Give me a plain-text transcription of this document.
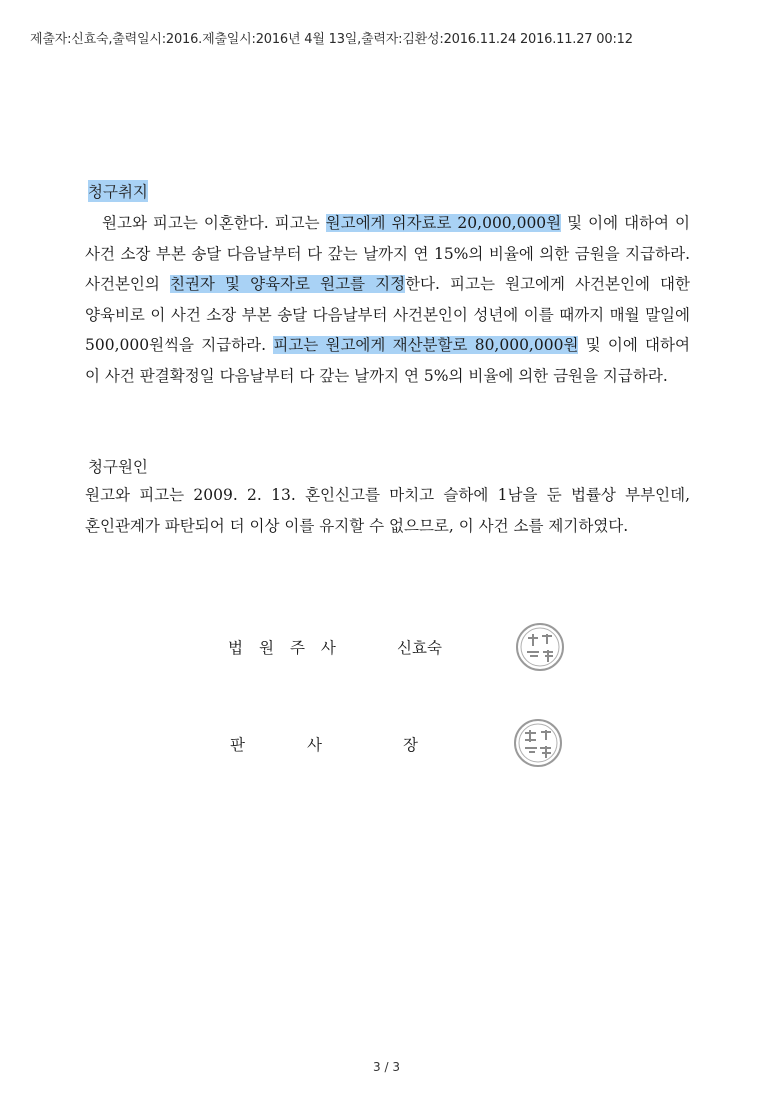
제출자:신효숙,출력일시:2016.제출일시:2016년 4월 13일,출력자:김환성:2016.11.24 2016.11.27 00:12
청구취지

원고와 피고는 이혼한다. 피고는 원고에게 위자료로 20,000,000원 및 이에 대하여 이 사건 소장 부본 송달 다음날부터 다 갚는 날까지 연 15%의 비율에 의한 금원을 지급하라. 사건본인의 친권자 및 양육자로 원고를 지정한다. 피고는 원고에게 사건본인에 대한 양육비로 이 사건 소장 부본 송달 다음날부터 사건본인이 성년에 이를 때까지 매월 말일에 500,000원씩을 지급하라. 피고는 원고에게 재산분할로 80,000,000원 및 이에 대하여 이 사건 판결확정일 다음날부터 다 갚는 날까지 연 5%의 비율에 의한 금원을 지급하라.

청구원인

원고와 피고는 2009. 2. 13. 혼인신고를 마치고 슬하에 1남을 둔 법률상 부부인데, 혼인관계가 파탄되어 더 이상 이를 유지할 수 없으므로, 이 사건 소를 제기하였다.

법원주사	신효숙
판    사	장
3 / 3
